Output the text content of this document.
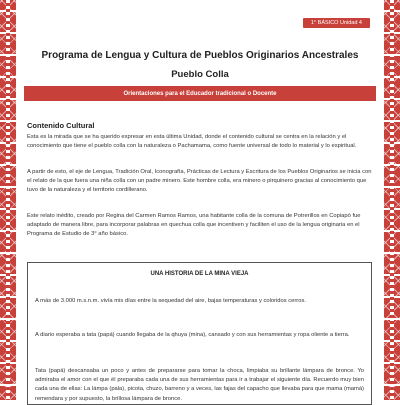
1° BÁSICO Unidad 4
Programa de Lengua y Cultura de Pueblos Originarios Ancestrales
Pueblo Colla
Orientaciones para el Educador tradicional o Docente
Contenido Cultural

Esta es la mirada que se ha querido expresar en esta última Unidad, donde el contenido cultural se centra en la relación y el conocimiento que tiene el pueblo colla con la naturaleza o Pachamama, como fuente universal de todo lo material y lo espiritual.

A partir de esto, el eje de Lengua, Tradición Oral, Iconografía, Prácticas de Lectura y Escritura de los Pueblos Originarios se inicia con el relato de la que fuera una niña colla con un padre minero. Este hombre colla, era minero o pirquinero gracias al conocimiento que tuvo de la naturaleza y el territorio cordillerano.

Este relato inédito, creado por Regina del Carmen Ramos Ramos, una habitante colla de la comuna de Potrerillos en Copiapó fue adaptado de manera libre, para incorporar palabras en quechua colla que incentiven y faciliten el uso de la lengua originaria en el Programa de Estudio de 3° año básico.

UNA HISTORIA DE LA MINA VIEJA

A más de 3.000 m.s.n.m. vivía mis días entre la sequedad del aire, bajas temperaturas y coloridos cerros.

A diario esperaba a tata (papá) cuando llegaba de la qhuya (mina), cansado y con sus herramientas y ropa oliente a tierra.

Tata (papá) descansaba un poco y antes de prepararse para tomar la choca, limpiaba su brillante lámpara de bronce. Yo admiraba el amor con el que él preparaba cada una de sus herramientas para ir a trabajar el siguiente día. Recuerdo muy bien cada una de ellas: La lámpa (pala), picota, chuzo, barreno y a veces, las fajas del capacho que llevaba para que mama (mamá) remendara y por supuesto, la brillosa lámpara de bronce.
